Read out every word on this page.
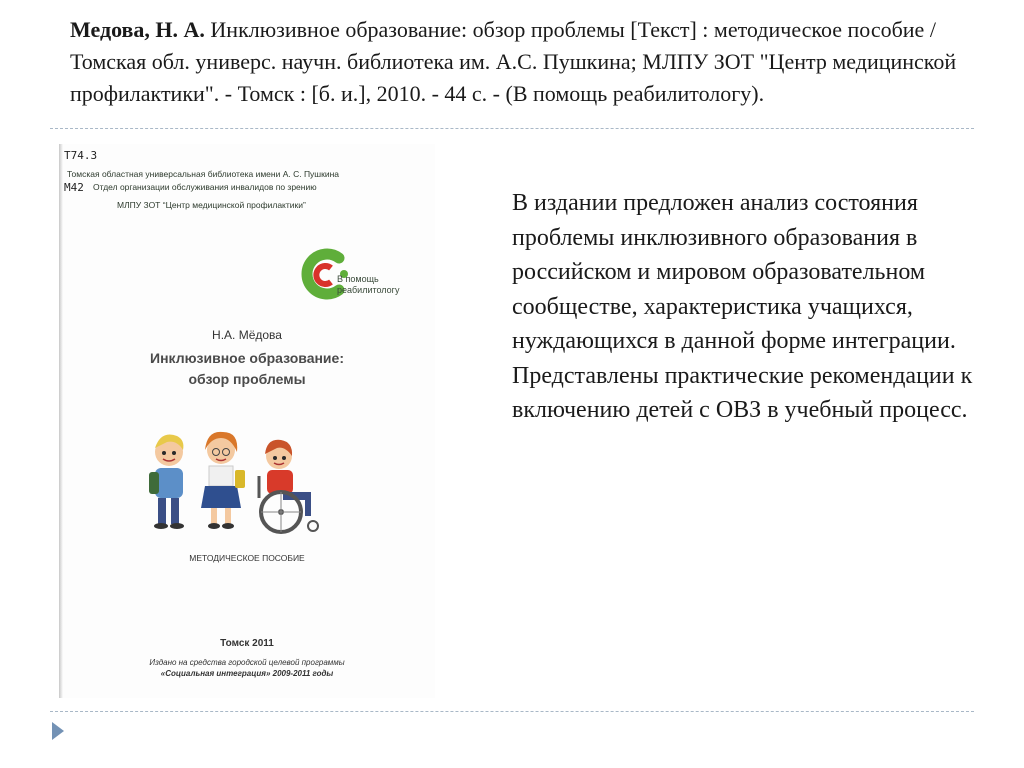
Медова, Н. А. Инклюзивное образование: обзор проблемы [Текст] : методическое пособие / Томская обл. универс. научн. библиотека им. А.С. Пушкина; МЛПУ ЗОТ "Центр медицинской профилактики". - Томск : [б. и.], 2010. - 44 с. - (В помощь реабилитологу).
Т74.3
М42
Томская областная универсальная библиотека имени А. С. Пушкина
Отдел организации обслуживания инвалидов по зрению
МЛПУ ЗОТ “Центр медицинской профилактики”
В помощь
реабилитологу
Н.А. Мёдова
Инклюзивное образование:
обзор проблемы
МЕТОДИЧЕСКОЕ ПОСОБИЕ
Томск 2011
Издано на средства городской целевой программы
«Социальная интеграция» 2009-2011 годы
В издании предложен анализ состояния проблемы инклюзивного образования в российском и мировом образовательном сообществе, характеристика учащихся, нуждающихся в данной форме интеграции. Представлены практические рекомендации к включению детей с ОВЗ в учебный процесс.
